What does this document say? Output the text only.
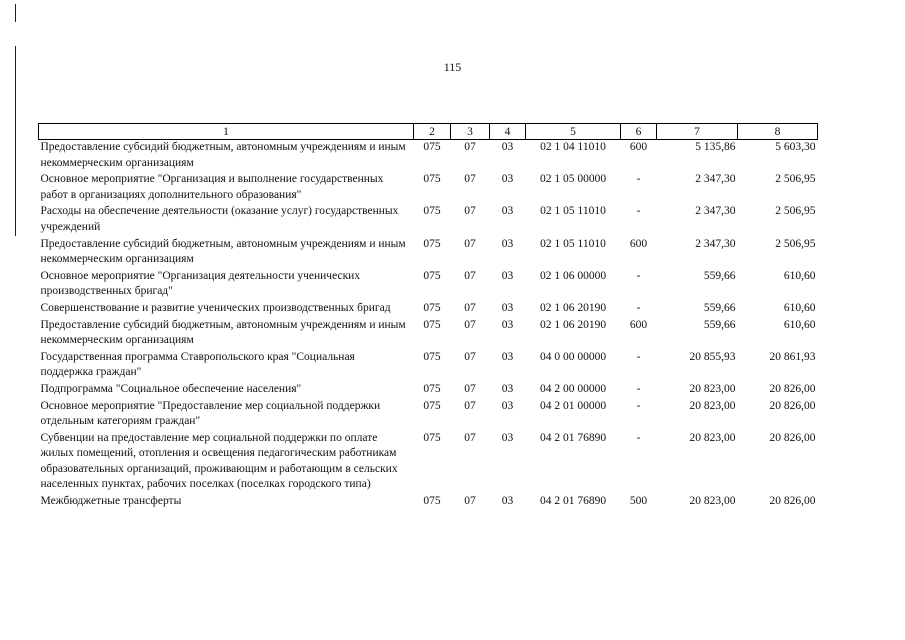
115
1	2	3	4	5	6	7	8
Предоставление субсидий бюджетным, автономным учреждениям и иным некоммерческим организациям	075	07	03	02 1 04 11010	600	5 135,86	5 603,30
Основное мероприятие "Организация и выполнение государственных работ в организациях дополнительного образования"	075	07	03	02 1 05 00000	-	2 347,30	2 506,95
Расходы на обеспечение деятельности (оказание услуг) государственных учреждений	075	07	03	02 1 05 11010	-	2 347,30	2 506,95
Предоставление субсидий бюджетным, автономным учреждениям и иным некоммерческим организациям	075	07	03	02 1 05 11010	600	2 347,30	2 506,95
Основное мероприятие "Организация деятельности ученических производственных бригад"	075	07	03	02 1 06 00000	-	559,66	610,60
Совершенствование и развитие ученических производственных бригад	075	07	03	02 1 06 20190	-	559,66	610,60
Предоставление субсидий бюджетным, автономным учреждениям и иным некоммерческим организациям	075	07	03	02 1 06 20190	600	559,66	610,60
Государственная программа Ставропольского края "Социальная поддержка граждан"	075	07	03	04 0 00 00000	-	20 855,93	20 861,93
Подпрограмма "Социальное обеспечение населения"	075	07	03	04 2 00 00000	-	20 823,00	20 826,00
Основное мероприятие "Предоставление мер социальной поддержки отдельным категориям граждан"	075	07	03	04 2 01 00000	-	20 823,00	20 826,00
Субвенции на предоставление мер социальной поддержки по оплате жилых помещений, отопления и освещения педагогическим работникам образовательных организаций, проживающим и работающим в сельских населенных пунктах, рабочих поселках (поселках городского типа)	075	07	03	04 2 01 76890	-	20 823,00	20 826,00
Межбюджетные трансферты	075	07	03	04 2 01 76890	500	20 823,00	20 826,00
